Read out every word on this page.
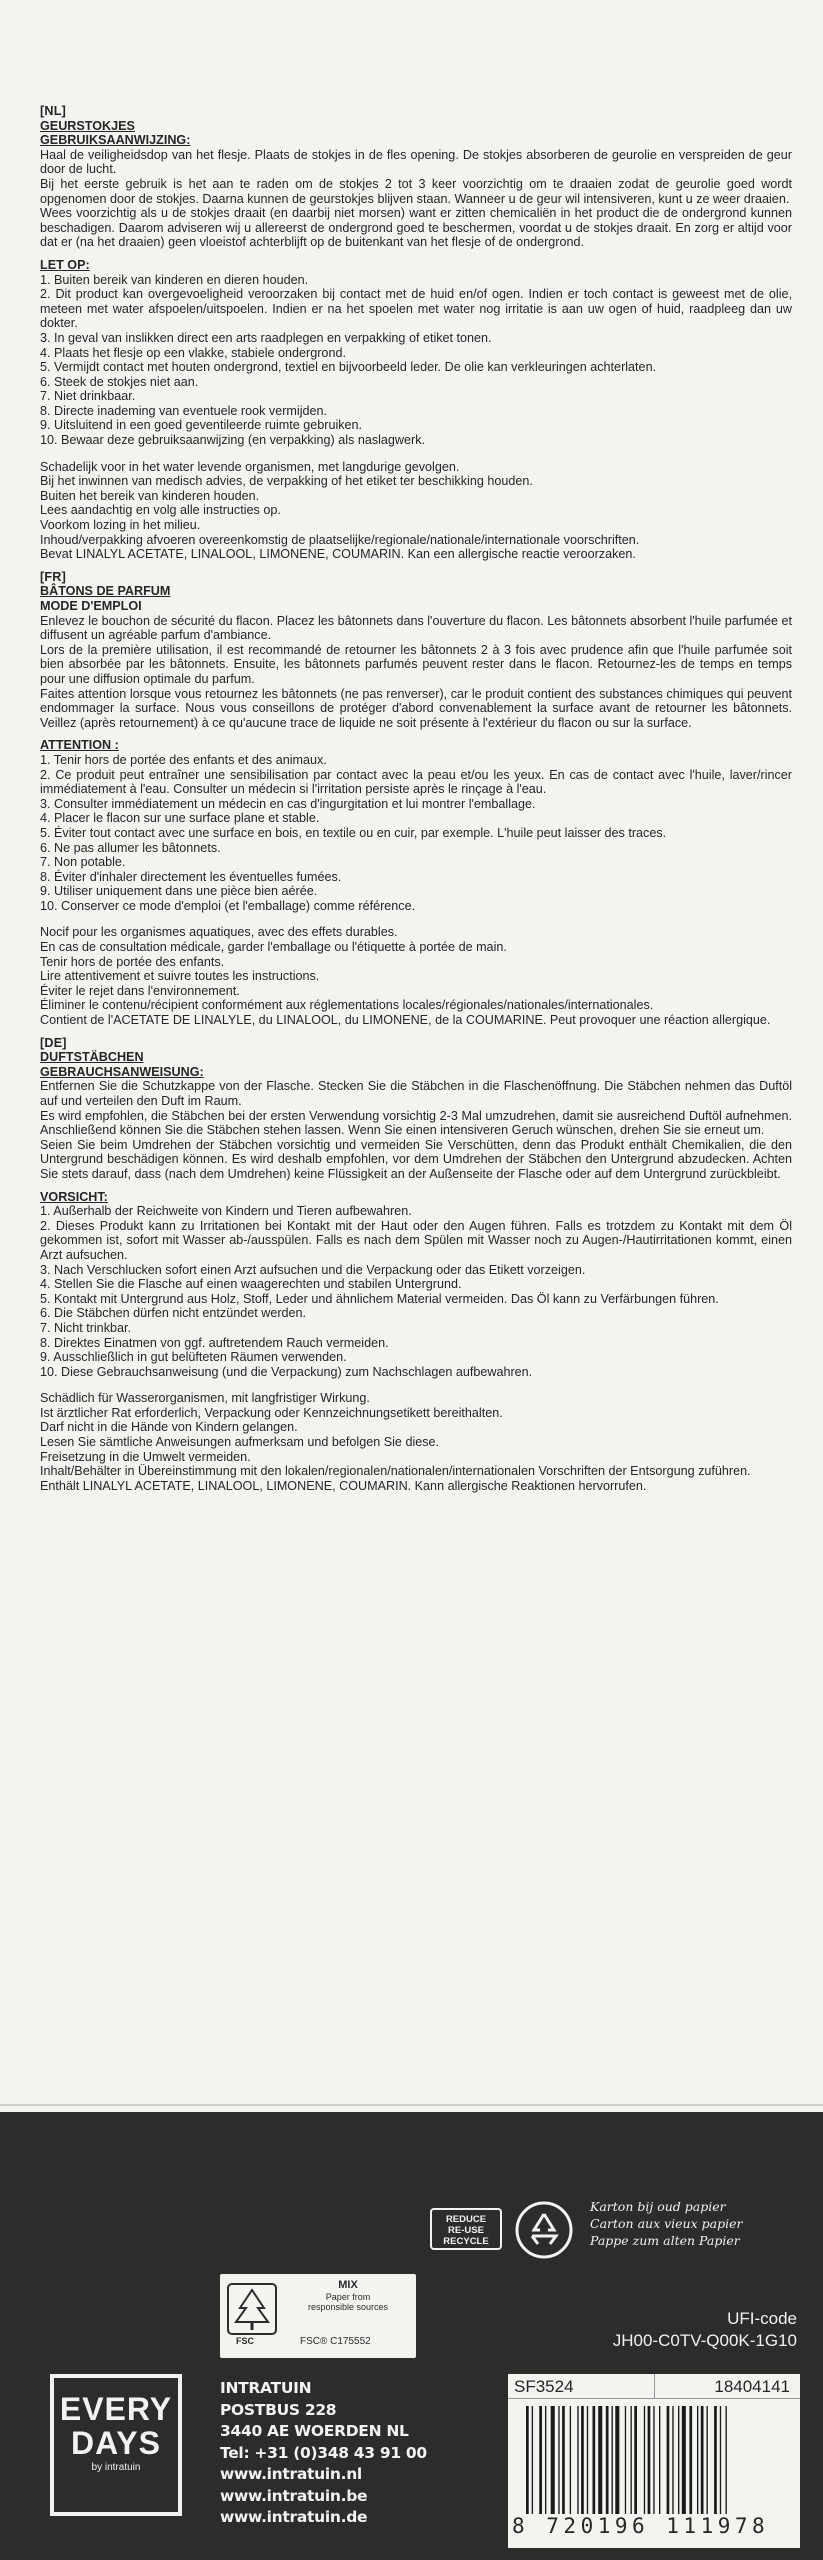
[NL]
GEURSTOKJES
GEBRUIKSAANWIJZING:
Haal de veiligheidsdop van het flesje. Plaats de stokjes in de fles opening. De stokjes absorberen de geurolie en verspreiden de geur door de lucht.
Bij het eerste gebruik is het aan te raden om de stokjes 2 tot 3 keer voorzichtig om te draaien zodat de geurolie goed wordt opgenomen door de stokjes. Daarna kunnen de geurstokjes blijven staan. Wanneer u de geur wil intensiveren, kunt u ze weer draaien.
Wees voorzichtig als u de stokjes draait (en daarbij niet morsen) want er zitten chemicaliën in het product die de ondergrond kunnen beschadigen. Daarom adviseren wij u allereerst de ondergrond goed te beschermen, voordat u de stokjes draait. En zorg er altijd voor dat er (na het draaien) geen vloeistof achterblijft op de buitenkant van het flesje of de ondergrond.
LET OP:
1. Buiten bereik van kinderen en dieren houden.
2. Dit product kan overgevoeligheid veroorzaken bij contact met de huid en/of ogen. Indien er toch contact is geweest met de olie, meteen met water afspoelen/uitspoelen. Indien er na het spoelen met water nog irritatie is aan uw ogen of huid, raadpleeg dan uw dokter.
3. In geval van inslikken direct een arts raadplegen en verpakking of etiket tonen.
4. Plaats het flesje op een vlakke, stabiele ondergrond.
5. Vermijdt contact met houten ondergrond, textiel en bijvoorbeeld leder. De olie kan verkleuringen achterlaten.
6. Steek de stokjes niet aan.
7. Niet drinkbaar.
8. Directe inademing van eventuele rook vermijden.
9. Uitsluitend in een goed geventileerde ruimte gebruiken.
10. Bewaar deze gebruiksaanwijzing (en verpakking) als naslagwerk.
Schadelijk voor in het water levende organismen, met langdurige gevolgen.
Bij het inwinnen van medisch advies, de verpakking of het etiket ter beschikking houden.
Buiten het bereik van kinderen houden.
Lees aandachtig en volg alle instructies op.
Voorkom lozing in het milieu.
Inhoud/verpakking afvoeren overeenkomstig de plaatselijke/regionale/nationale/internationale voorschriften.
Bevat LINALYL ACETATE, LINALOOL, LIMONENE, COUMARIN. Kan een allergische reactie veroorzaken.
[FR]
BÂTONS DE PARFUM
MODE D'EMPLOI
Enlevez le bouchon de sécurité du flacon. Placez les bâtonnets dans l'ouverture du flacon. Les bâtonnets absorbent l'huile parfumée et diffusent un agréable parfum d'ambiance.
Lors de la première utilisation, il est recommandé de retourner les bâtonnets 2 à 3 fois avec prudence afin que l'huile parfumée soit bien absorbée par les bâtonnets. Ensuite, les bâtonnets parfumés peuvent rester dans le flacon. Retournez-les de temps en temps pour une diffusion optimale du parfum.
Faites attention lorsque vous retournez les bâtonnets (ne pas renverser), car le produit contient des substances chimiques qui peuvent endommager la surface. Nous vous conseillons de protéger d'abord convenablement la surface avant de retourner les bâtonnets. Veillez (après retournement) à ce qu'aucune trace de liquide ne soit présente à l'extérieur du flacon ou sur la surface.
ATTENTION :
1. Tenir hors de portée des enfants et des animaux.
2. Ce produit peut entraîner une sensibilisation par contact avec la peau et/ou les yeux. En cas de contact avec l'huile, laver/rincer immédiatement à l'eau. Consulter un médecin si l'irritation persiste après le rinçage à l'eau.
3. Consulter immédiatement un médecin en cas d'ingurgitation et lui montrer l'emballage.
4. Placer le flacon sur une surface plane et stable.
5. Éviter tout contact avec une surface en bois, en textile ou en cuir, par exemple. L'huile peut laisser des traces.
6. Ne pas allumer les bâtonnets.
7. Non potable.
8. Éviter d'inhaler directement les éventuelles fumées.
9. Utiliser uniquement dans une pièce bien aérée.
10. Conserver ce mode d'emploi (et l'emballage) comme référence.
Nocif pour les organismes aquatiques, avec des effets durables.
En cas de consultation médicale, garder l'emballage ou l'étiquette à portée de main.
Tenir hors de portée des enfants.
Lire attentivement et suivre toutes les instructions.
Éviter le rejet dans l'environnement.
Éliminer le contenu/récipient conformément aux réglementations locales/régionales/nationales/internationales.
Contient de l'ACETATE DE LINALYLE, du LINALOOL, du LIMONENE, de la COUMARINE. Peut provoquer une réaction allergique.
[DE]
DUFTSTÄBCHEN
GEBRAUCHSANWEISUNG:
Entfernen Sie die Schutzkappe von der Flasche. Stecken Sie die Stäbchen in die Flaschenöffnung. Die Stäbchen nehmen das Duftöl auf und verteilen den Duft im Raum.
Es wird empfohlen, die Stäbchen bei der ersten Verwendung vorsichtig 2-3 Mal umzudrehen, damit sie ausreichend Duftöl aufnehmen. Anschließend können Sie die Stäbchen stehen lassen. Wenn Sie einen intensiveren Geruch wünschen, drehen Sie sie erneut um.
Seien Sie beim Umdrehen der Stäbchen vorsichtig und vermeiden Sie Verschütten, denn das Produkt enthält Chemikalien, die den Untergrund beschädigen können. Es wird deshalb empfohlen, vor dem Umdrehen der Stäbchen den Untergrund abzudecken. Achten Sie stets darauf, dass (nach dem Umdrehen) keine Flüssigkeit an der Außenseite der Flasche oder auf dem Untergrund zurückbleibt.
VORSICHT:
1. Außerhalb der Reichweite von Kindern und Tieren aufbewahren.
2. Dieses Produkt kann zu Irritationen bei Kontakt mit der Haut oder den Augen führen. Falls es trotzdem zu Kontakt mit dem Öl gekommen ist, sofort mit Wasser ab-/ausspülen. Falls es nach dem Spülen mit Wasser noch zu Augen-/Hautirritationen kommt, einen Arzt aufsuchen.
3. Nach Verschlucken sofort einen Arzt aufsuchen und die Verpackung oder das Etikett vorzeigen.
4. Stellen Sie die Flasche auf einen waagerechten und stabilen Untergrund.
5. Kontakt mit Untergrund aus Holz, Stoff, Leder und ähnlichem Material vermeiden. Das Öl kann zu Verfärbungen führen.
6. Die Stäbchen dürfen nicht entzündet werden.
7. Nicht trinkbar.
8. Direktes Einatmen von ggf. auftretendem Rauch vermeiden.
9. Ausschließlich in gut belüfteten Räumen verwenden.
10. Diese Gebrauchsanweisung (und die Verpackung) zum Nachschlagen aufbewahren.
Schädlich für Wasserorganismen, mit langfristiger Wirkung.
Ist ärztlicher Rat erforderlich, Verpackung oder Kennzeichnungsetikett bereithalten.
Darf nicht in die Hände von Kindern gelangen.
Lesen Sie sämtliche Anweisungen aufmerksam und befolgen Sie diese.
Freisetzung in die Umwelt vermeiden.
Inhalt/Behälter in Übereinstimmung mit den lokalen/regionalen/nationalen/internationalen Vorschriften der Entsorgung zuführen.
Enthält LINALYL ACETATE, LINALOOL, LIMONENE, COUMARIN. Kann allergische Reaktionen hervorrufen.
REDUCE
RE-USE
RECYCLE
Karton bij oud papier
Carton aux vieux papier
Pappe zum alten Papier
FSC
MIX
Paper from
responsible sources
FSC® C175552
UFI-code
JH00-C0TV-Q00K-1G10
EVERY
DAYS
by intratuin
INTRATUIN
POSTBUS 228
3440 AE WOERDEN NL
Tel: +31 (0)348 43 91 00
www.intratuin.nl
www.intratuin.be
www.intratuin.de
SF3524	18404141
8 720196 111978
